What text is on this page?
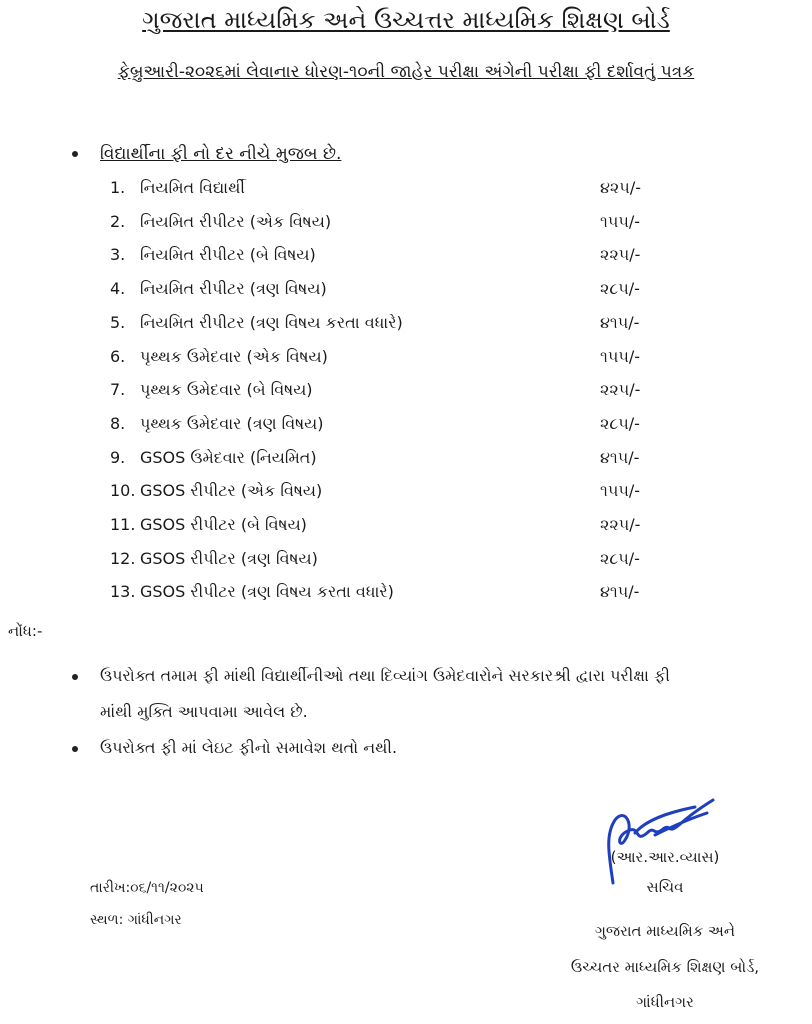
ગુજરાત માધ્યમિક અને ઉચ્ચત્તર માધ્યમિક શિક્ષણ બોર્ડ
ફેબ્રુઆરી-૨૦૨૬માં લેવાનાર ધોરણ-૧૦ની જાહેર પરીક્ષા અંગેની પરીક્ષા ફી દર્શાવતું પત્રક
વિદ્યાર્થીના ફી નો દર નીચે મુજબ છે.
1. નિયમિત વિદ્યાર્થી	૪૨૫/-
2. નિયમિત રીપીટર (એક વિષય)	૧૫૫/-
3. નિયમિત રીપીટર (બે વિષય)	૨૨૫/-
4. નિયમિત રીપીટર (ત્રણ વિષય)	૨૮૫/-
5. નિયમિત રીપીટર (ત્રણ વિષય કરતા વધારે)	૪૧૫/-
6. પૃથ્થક ઉમેદવાર (એક વિષય)	૧૫૫/-
7. પૃથ્થક ઉમેદવાર (બે વિષય)	૨૨૫/-
8. પૃથ્થક ઉમેદવાર (ત્રણ વિષય)	૨૮૫/-
9. GSOS ઉમેદવાર (નિયમિત)	૪૧૫/-
10. GSOS રીપીટર (એક વિષય)	૧૫૫/-
11. GSOS રીપીટર (બે વિષય)	૨૨૫/-
12. GSOS રીપીટર (ત્રણ વિષય)	૨૮૫/-
13. GSOS રીપીટર (ત્રણ વિષય કરતા વધારે)	૪૧૫/-
નોંધ:-
ઉપરોક્ત તમામ ફી માંથી વિદ્યાર્થીનીઓ તથા દિવ્યાંગ ઉમેદવારોને સરકારશ્રી દ્વારા પરીક્ષા ફી
માંથી મુક્તિ આપવામા આવેલ છે.
ઉપરોક્ત ફી માં લેઇટ ફીનો સમાવેશ થતો નથી.
તારીખ:૦૬/૧૧/૨૦૨૫
સ્થળ: ગાંધીનગર
(આર.આર.વ્યાસ)
સચિવ
ગુજરાત માધ્યમિક અને
ઉચ્ચતર માધ્યમિક શિક્ષણ બોર્ડ,
ગાંધીનગર
